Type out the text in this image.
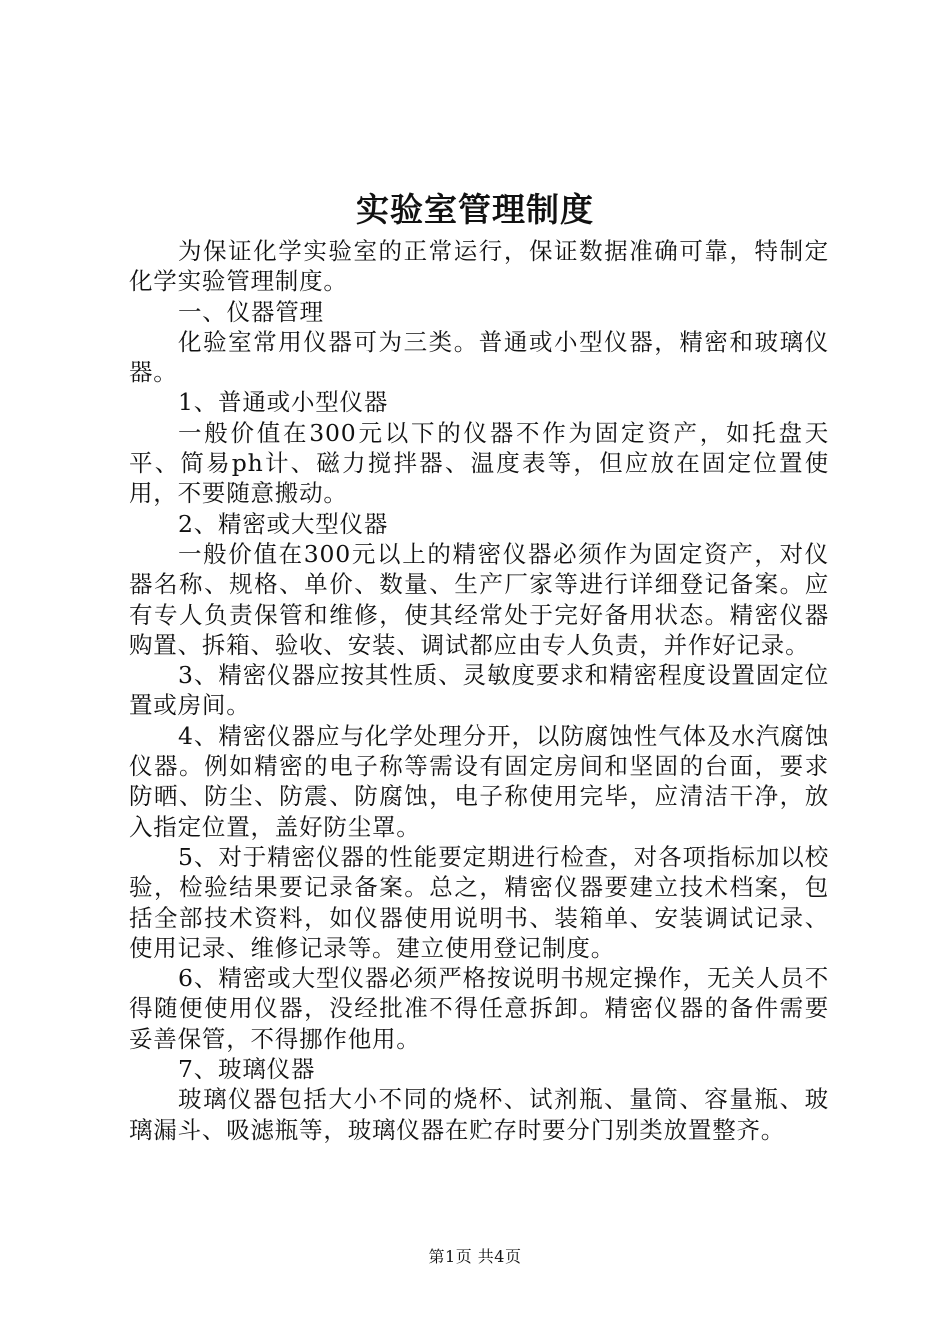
实验室管理制度

为保证化学实验室的正常运行，保证数据准确可靠，特制定化学实验管理制度。

一、仪器管理

化验室常用仪器可为三类。普通或小型仪器，精密和玻璃仪器。

1、普通或小型仪器

一般价值在300元以下的仪器不作为固定资产，如托盘天平、简易ph计、磁力搅拌器、温度表等，但应放在固定位置使用，不要随意搬动。

2、精密或大型仪器

一般价值在300元以上的精密仪器必须作为固定资产，对仪器名称、规格、单价、数量、生产厂家等进行详细登记备案。应有专人负责保管和维修，使其经常处于完好备用状态。精密仪器购置、拆箱、验收、安装、调试都应由专人负责，并作好记录。

3、精密仪器应按其性质、灵敏度要求和精密程度设置固定位置或房间。

4、精密仪器应与化学处理分开，以防腐蚀性气体及水汽腐蚀仪器。例如精密的电子称等需设有固定房间和坚固的台面，要求防晒、防尘、防震、防腐蚀，电子称使用完毕，应清洁干净，放入指定位置，盖好防尘罩。

5、对于精密仪器的性能要定期进行检查，对各项指标加以校验，检验结果要记录备案。总之，精密仪器要建立技术档案，包括全部技术资料，如仪器使用说明书、装箱单、安装调试记录、使用记录、维修记录等。建立使用登记制度。

6、精密或大型仪器必须严格按说明书规定操作，无关人员不得随便使用仪器，没经批准不得任意拆卸。精密仪器的备件需要妥善保管，不得挪作他用。

7、玻璃仪器

玻璃仪器包括大小不同的烧杯、试剂瓶、量筒、容量瓶、玻璃漏斗、吸滤瓶等，玻璃仪器在贮存时要分门别类放置整齐。

第1页 共4页
